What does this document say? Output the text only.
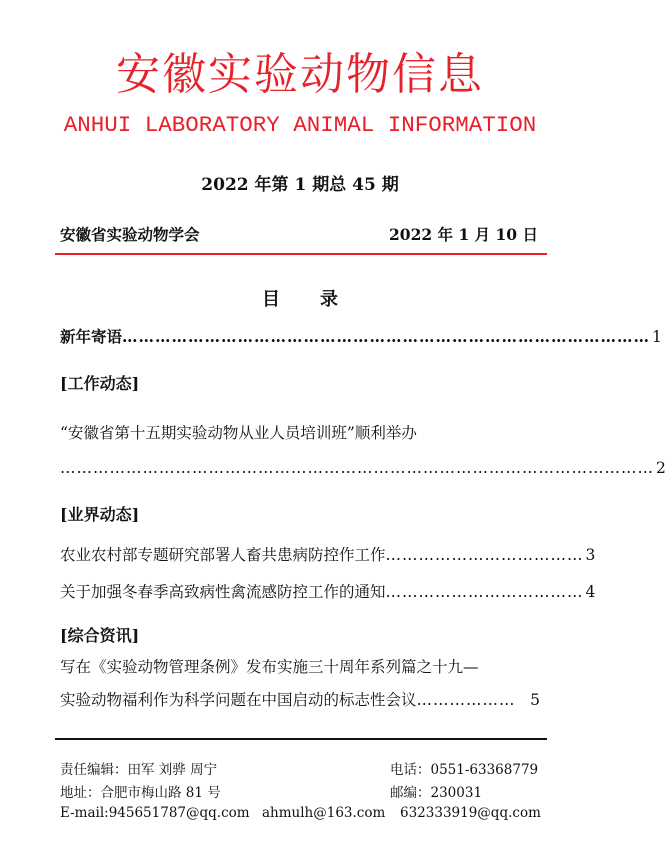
安徽实验动物信息
ANHUI LABORATORY ANIMAL INFORMATION
2022 年第 1 期总 45 期
安徽省实验动物学会	2022 年 1 月 10 日
目录
新年寄语 …………………………………………………………………………………… 1
[工作动态]
“安徽省第十五期实验动物从业人员培训班”顺利举办
……………………………………………………………………………………………… 2
[业界动态]
农业农村部专题研究部署人畜共患病防控作工作 ……………………………… 3
关于加强冬春季高致病性禽流感防控工作的通知 ……………………………… 4
[综合资讯]
写在《实验动物管理条例》发布实施三十周年系列篇之十九—
实验动物福利作为科学问题在中国启动的标志性会议 ……………… 5
责任编辑：田军 刘骅 周宁	电话：0551-63368779
地址：合肥市梅山路 81 号	邮编：230031
E-mail:945651787@qq.com ahmulh@163.com 632333919@qq.com
